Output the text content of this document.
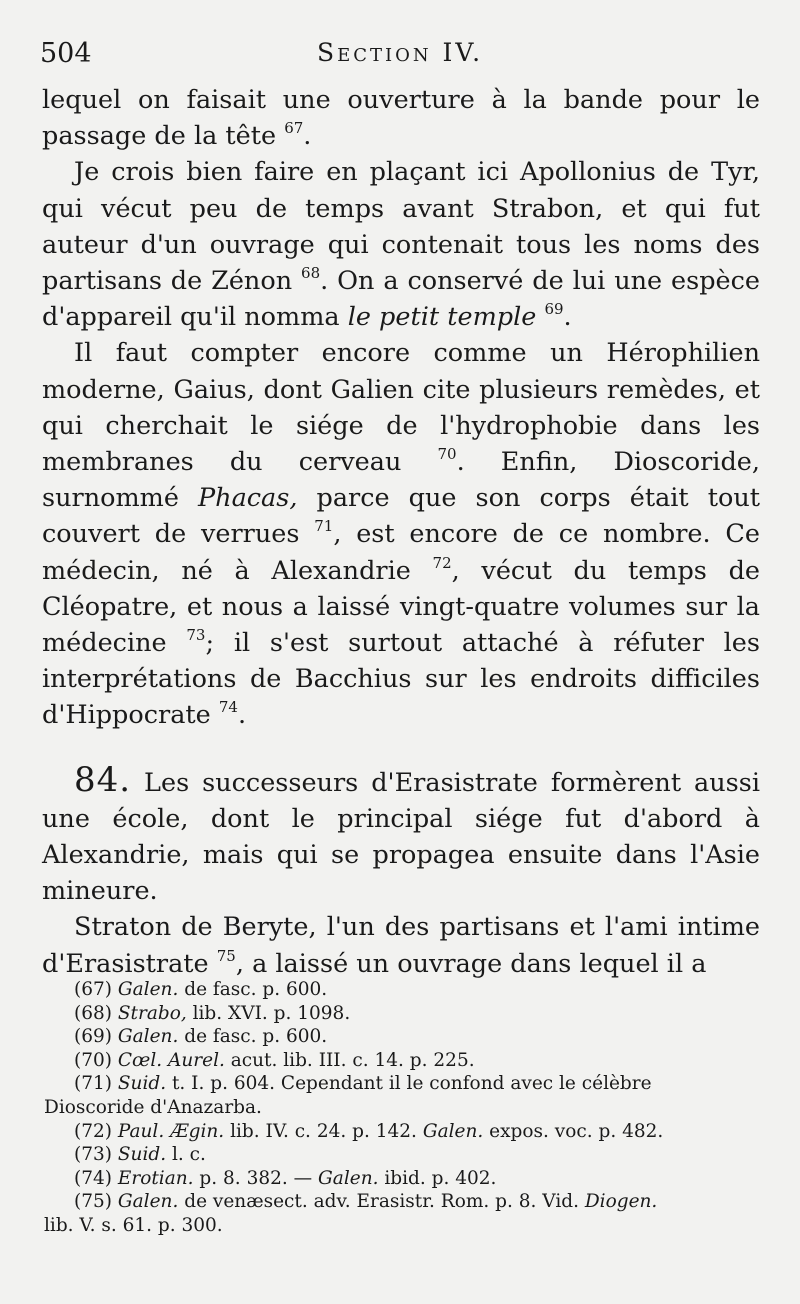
504	Section IV.

lequel on faisait une ouverture à la bande pour le passage de la tête $^{67}$.

Je crois bien faire en plaçant ici Apollonius de Tyr, qui vécut peu de temps avant Strabon, et qui fut auteur d'un ouvrage qui contenait tous les noms des partisans de Zénon $^{68}$. On a conservé de lui une espèce d'appareil qu'il nomma le petit temple $^{69}$.

Il faut compter encore comme un Hérophilien moderne, Gaius, dont Galien cite plusieurs remèdes, et qui cherchait le siége de l'hydrophobie dans les membranes du cerveau $^{70}$. Enfin, Dioscoride, surnommé Phacas, parce que son corps était tout couvert de verrues $^{71}$, est encore de ce nombre. Ce médecin, né à Alexandrie $^{72}$, vécut du temps de Cléopatre, et nous a laissé vingt-quatre volumes sur la médecine $^{73}$; il s'est surtout attaché à réfuter les interprétations de Bacchius sur les endroits difficiles d'Hippocrate $^{74}$.

84. Les successeurs d'Erasistrate formèrent aussi une école, dont le principal siége fut d'abord à Alexandrie, mais qui se propagea ensuite dans l'Asie mineure.

Straton de Beryte, l'un des partisans et l'ami intime d'Erasistrate $^{75}$, a laissé un ouvrage dans lequel il a

(67) Galen. de fasc. p. 600.
(68) Strabo, lib. XVI. p. 1098.
(69) Galen. de fasc. p. 600.
(70) Cœl. Aurel. acut. lib. III. c. 14. p. 225.
(71) Suid. t. I. p. 604. Cependant il le confond avec le célèbre
Dioscoride d'Anazarba.
(72) Paul. Ægin. lib. IV. c. 24. p. 142. Galen. expos. voc. p. 482.
(73) Suid. l. c.
(74) Erotian. p. 8. 382. — Galen. ibid. p. 402.
(75) Galen. de venæsect. adv. Erasistr. Rom. p. 8. Vid. Diogen.
lib. V. s. 61. p. 300.
